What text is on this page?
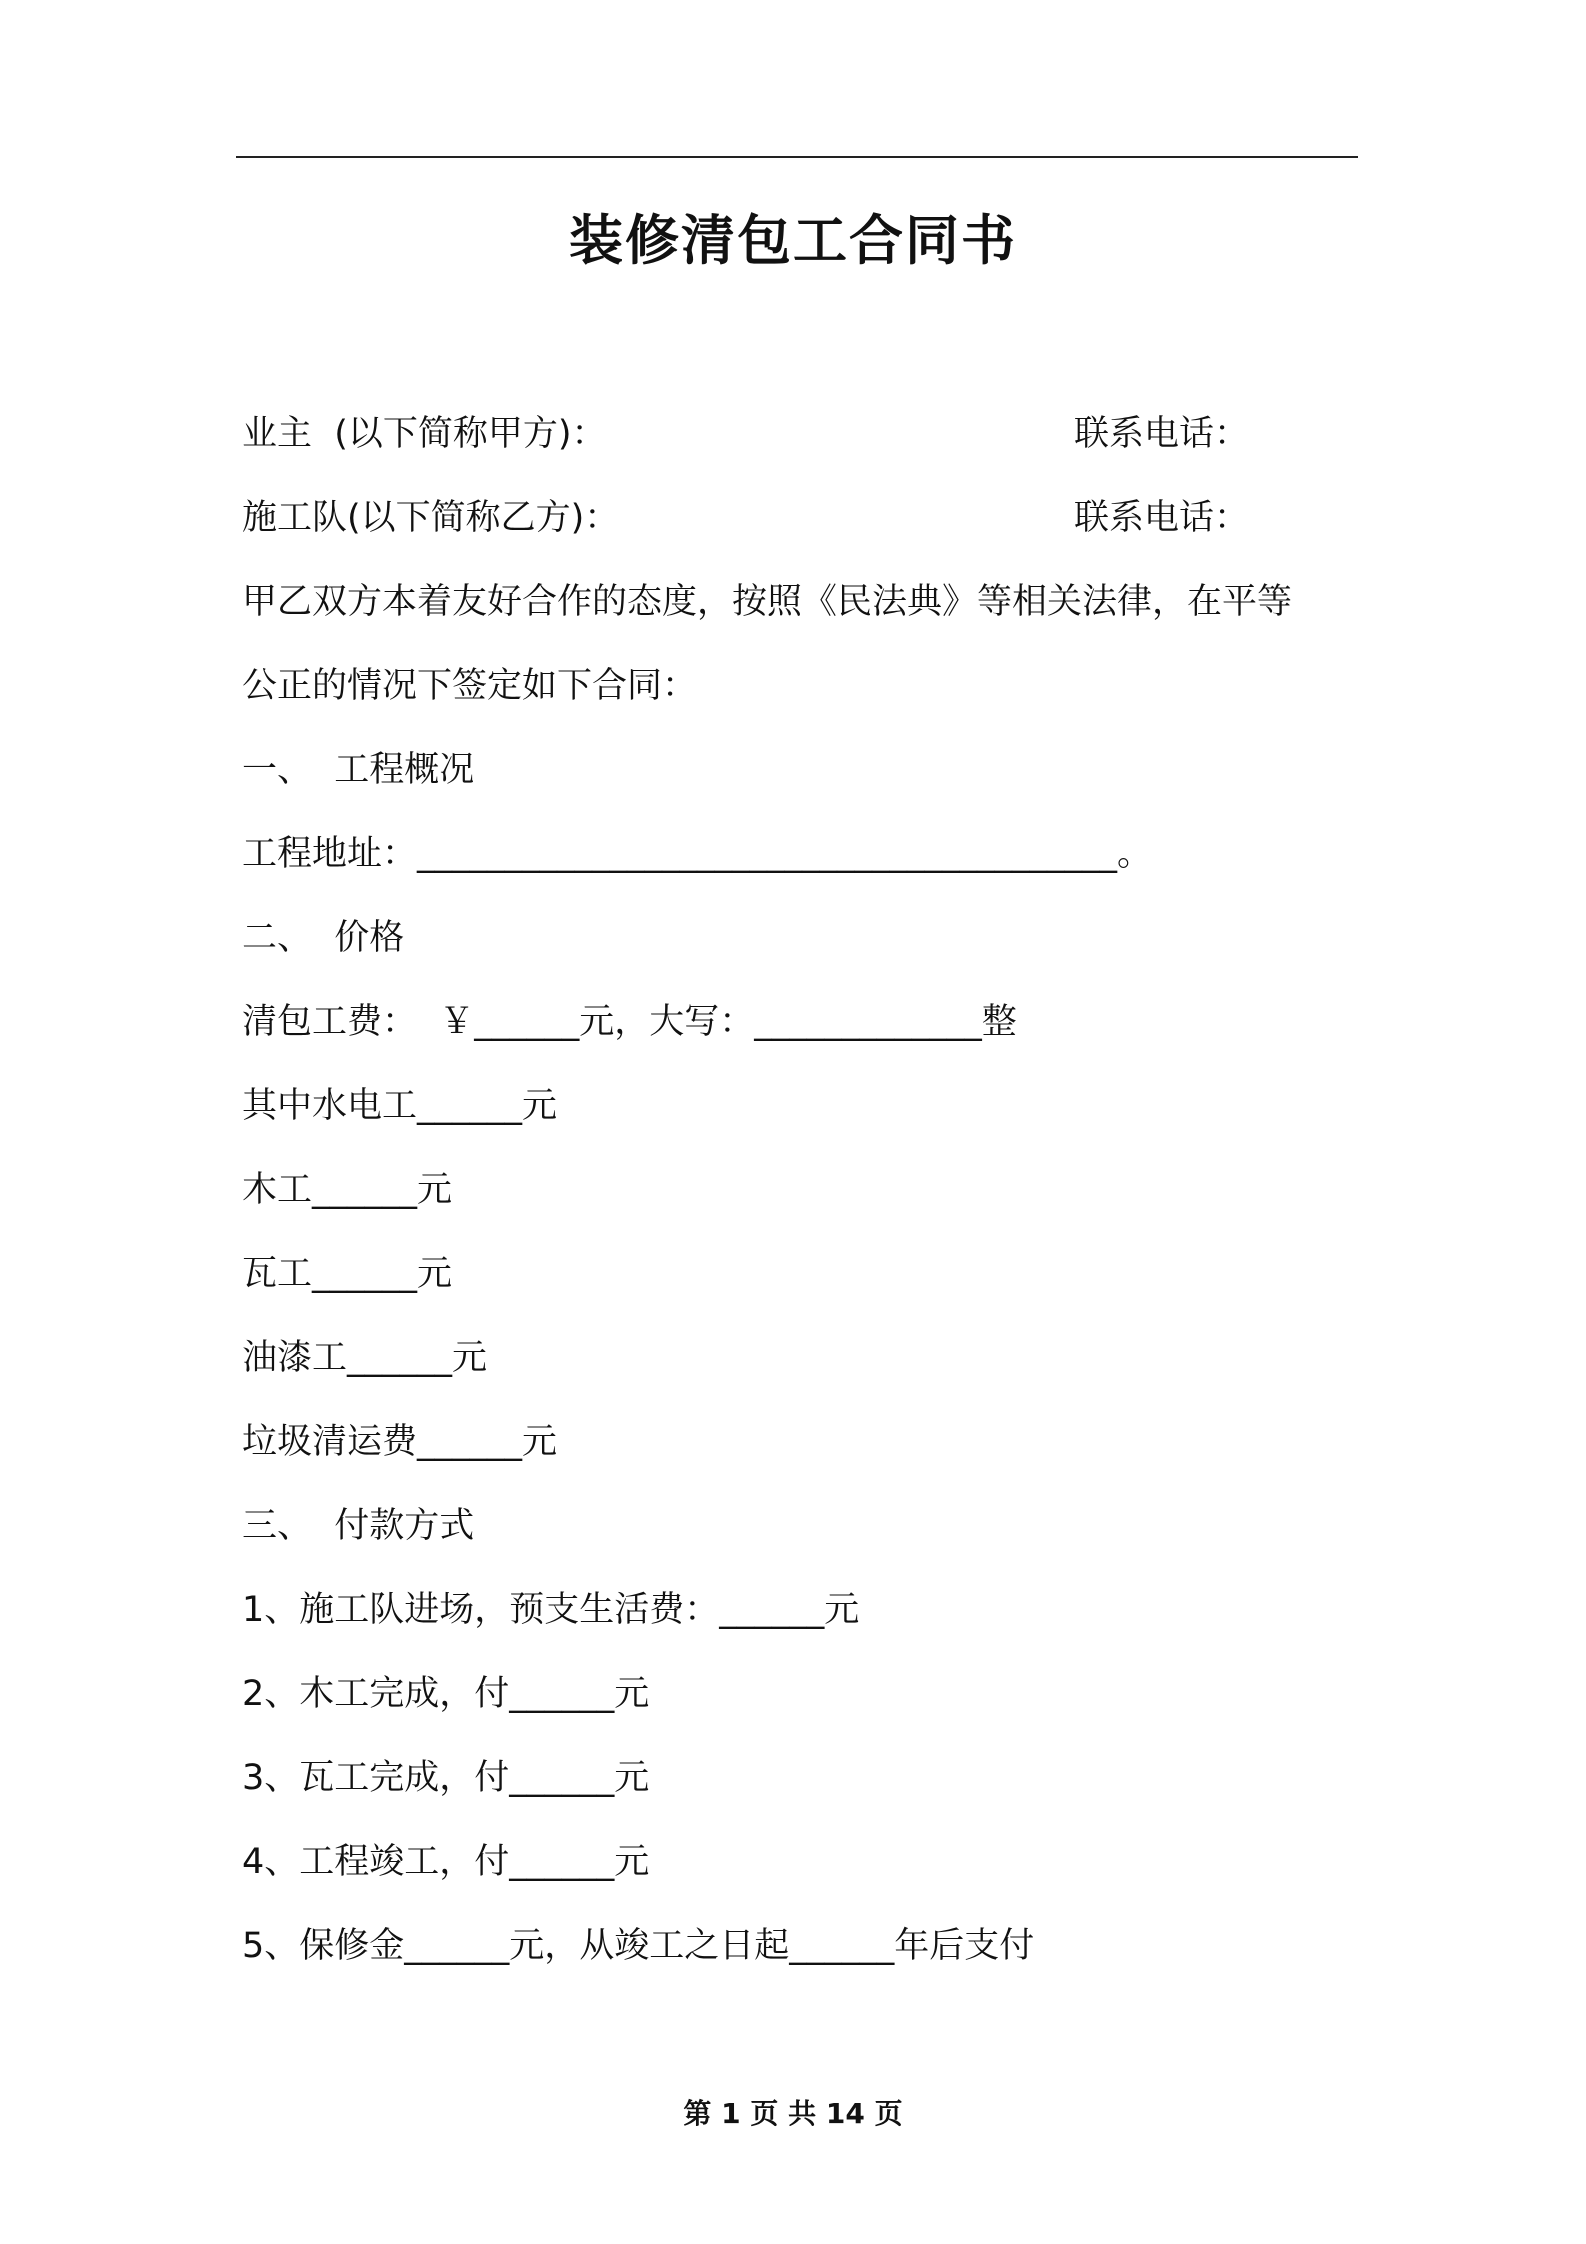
装修清包工合同书
业主  (以下简称甲方)：	联系电话：
施工队(以下简称乙方)：	联系电话：
甲乙双方本着友好合作的态度，按照《民法典》等相关法律，在平等
公正的情况下签定如下合同：
一、  工程概况
工程地址：________________________________________。
二、  价格
清包工费：  ￥______元，大写：_____________整
其中水电工______元
木工______元
瓦工______元
油漆工______元
垃圾清运费______元
三、  付款方式
1、施工队进场，预支生活费：______元
2、木工完成，付______元
3、瓦工完成，付______元
4、工程竣工，付______元
5、保修金______元，从竣工之日起______年后支付
第 1 页 共 14 页
